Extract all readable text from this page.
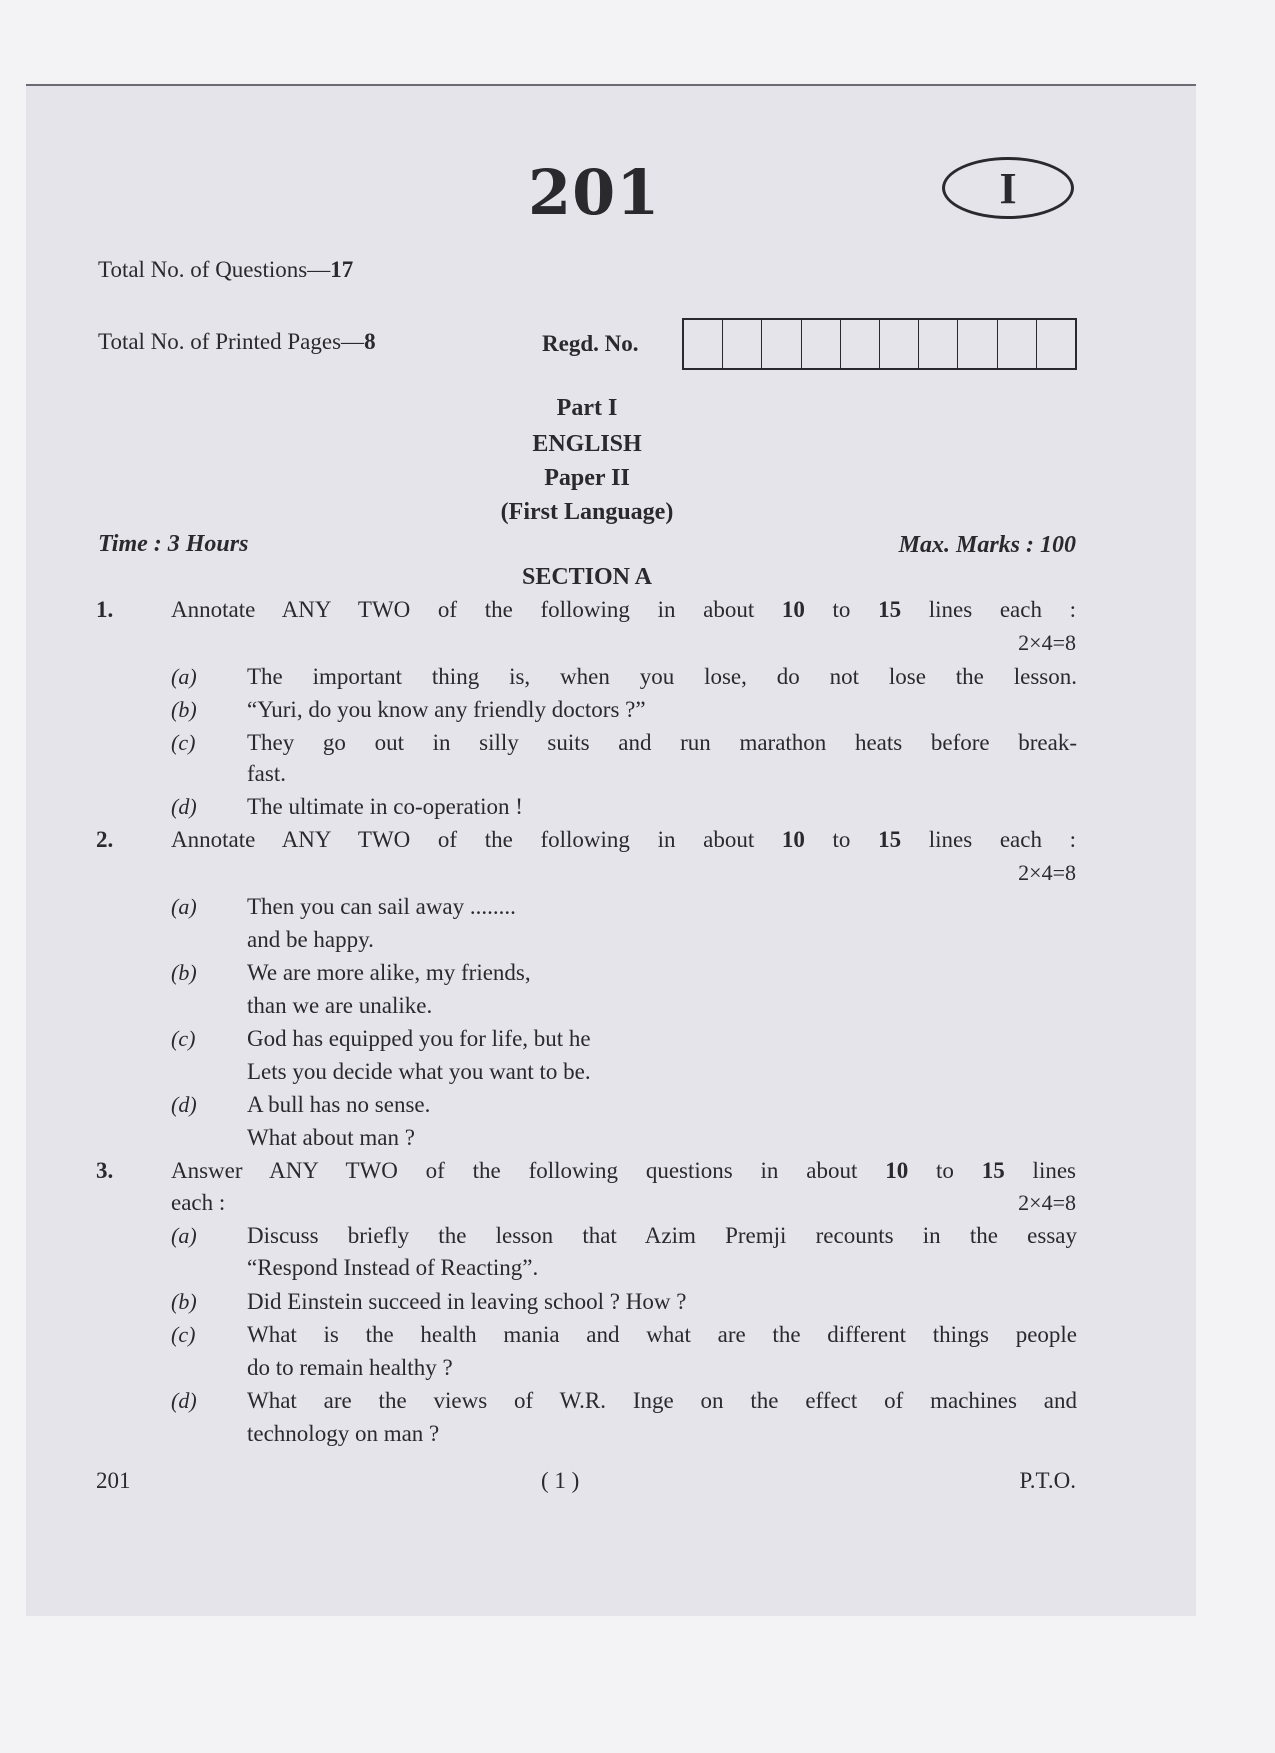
201	I
Total No. of Questions—17
Total No. of Printed Pages—8	Regd. No.
Part I
ENGLISH
Paper II
(First Language)
Time : 3 Hours	Max. Marks : 100
SECTION A
1.	Annotate ANY TWO of the following in about 10 to 15 lines each :
2×4=8
(a) The important thing is, when you lose, do not lose the lesson.
(b) “Yuri, do you know any friendly doctors ?”
(c) They go out in silly suits and run marathon heats before break-
fast.
(d) The ultimate in co-operation !
2.	Annotate ANY TWO of the following in about 10 to 15 lines each :
2×4=8
(a) Then you can sail away ........
and be happy.
(b) We are more alike, my friends,
than we are unalike.
(c) God has equipped you for life, but he
Lets you decide what you want to be.
(d) A bull has no sense.
What about man ?
3.	Answer ANY TWO of the following questions in about 10 to 15 lines
each :	2×4=8
(a) Discuss briefly the lesson that Azim Premji recounts in the essay
“Respond Instead of Reacting”.
(b) Did Einstein succeed in leaving school ? How ?
(c) What is the health mania and what are the different things people
do to remain healthy ?
(d) What are the views of W.R. Inge on the effect of machines and
technology on man ?
201	( 1 )	P.T.O.
